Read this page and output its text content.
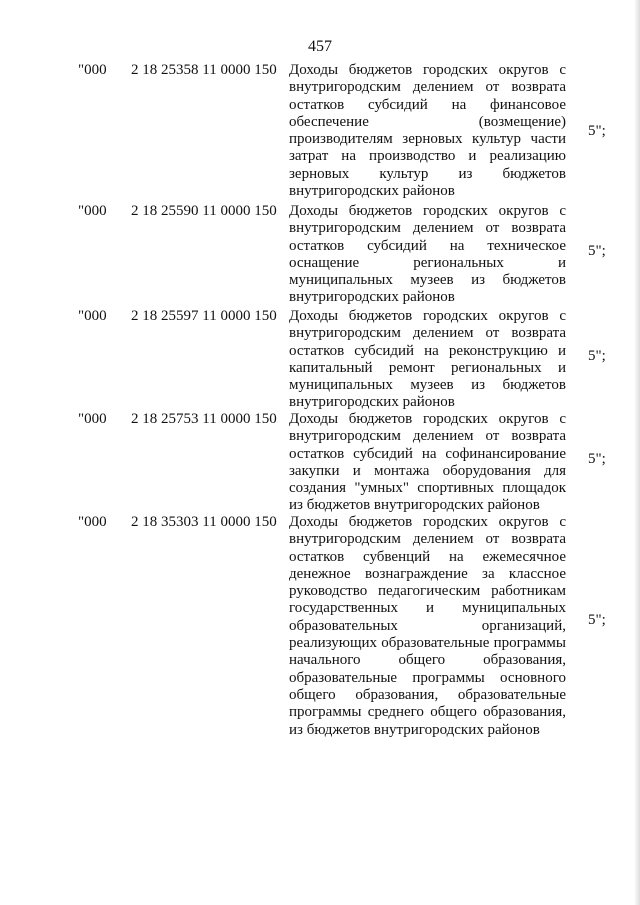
457
"000 2 18 25358 11 0000 150 Доходы бюджетов городских округов с внутригородским делением от возврата остатков субсидий на финансовое обеспечение (возмещение) производителям зерновых культур части затрат на производство и реализацию зерновых культур из бюджетов внутригородских районов
5";
"000 2 18 25590 11 0000 150 Доходы бюджетов городских округов с внутригородским делением от возврата остатков субсидий на техническое оснащение региональных и муниципальных музеев из бюджетов внутригородских районов
5";
"000 2 18 25597 11 0000 150 Доходы бюджетов городских округов с внутригородским делением от возврата остатков субсидий на реконструкцию и капитальный ремонт региональных и муниципальных музеев из бюджетов внутригородских районов
5";
"000 2 18 25753 11 0000 150 Доходы бюджетов городских округов с внутригородским делением от возврата остатков субсидий на софинансирование закупки и монтажа оборудования для создания "умных" спортивных площадок из бюджетов внутригородских районов
5";
"000 2 18 35303 11 0000 150 Доходы бюджетов городских округов с внутригородским делением от возврата остатков субвенций на ежемесячное денежное вознаграждение за классное руководство педагогическим работникам государственных и муниципальных образовательных организаций, реализующих образовательные программы начального общего образования, образовательные программы основного общего образования, образовательные программы среднего общего образования, из бюджетов внутригородских районов
5";
